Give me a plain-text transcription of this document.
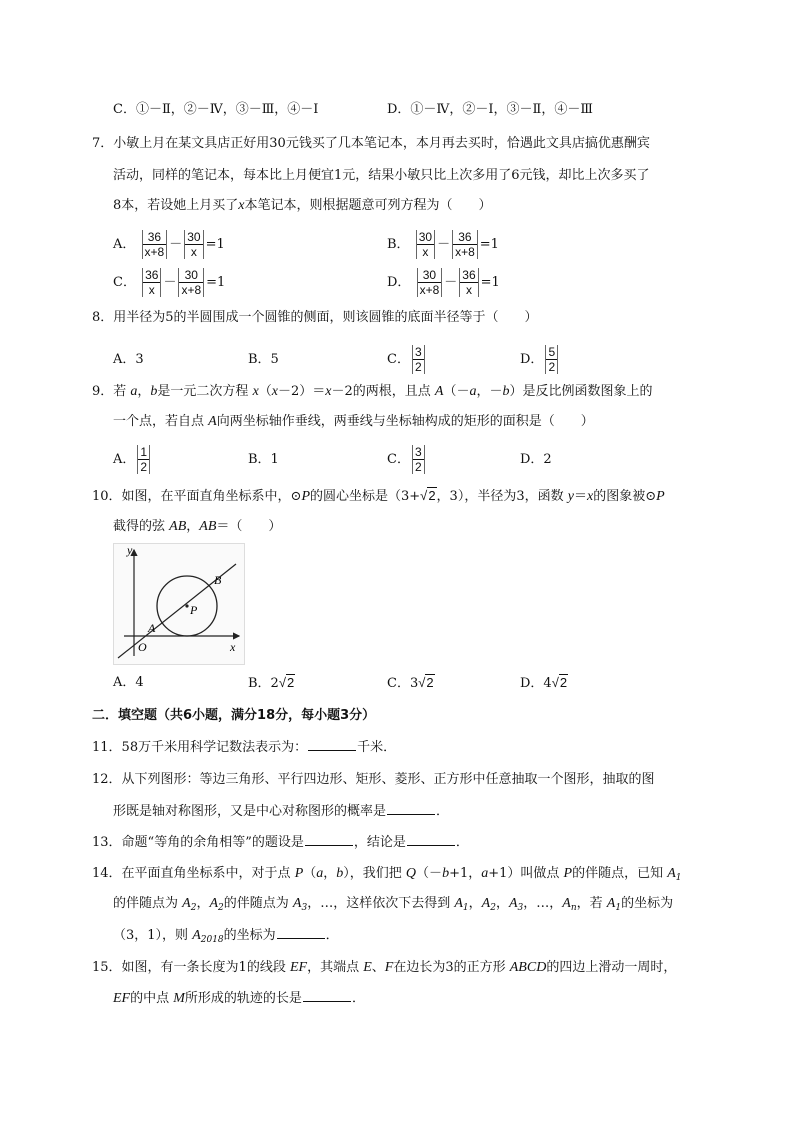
C．①－Ⅱ，②－Ⅳ，③－Ⅲ，④－Ⅰ	D．①－Ⅳ，②－Ⅰ，③－Ⅱ，④－Ⅲ
7．小敏上月在某文具店正好用30元钱买了几本笔记本，本月再去买时，恰遇此文具店搞优惠酬宾
活动，同样的笔记本，每本比上月便宜1元，结果小敏只比上次多用了6元钱，却比上次多买了
8本，若设她上月买了x本笔记本，则根据题意可列方程为（　　）
A． $\frac{36}{x+8} - \frac{30}{x} =1$	B． $\frac{30}{x} - \frac{36}{x+8} =1$
C． $\frac{36}{x} - \frac{30}{x+8} =1$	D． $\frac{30}{x+8} - \frac{36}{x} =1$
8．用半径为5的半圆围成一个圆锥的侧面，则该圆锥的底面半径等于（　　）
A．3	B．5	C． $\frac{3}{2}$	D． $\frac{5}{2}$
9．若 a，b是一元二次方程 x（x－2）＝x－2的两根，且点 A（－a，－b）是反比例函数图象上的
一个点，若自点 A向两坐标轴作垂线，两垂线与坐标轴构成的矩形的面积是（　　）
A． $\frac{1}{2}$	B．1	C． $\frac{3}{2}$	D．2
10．如图，在平面直角坐标系中，⊙P的圆心坐标是（3+√2，3），半径为3，函数 y＝x的图象被⊙P
截得的弦 AB，AB＝（　　）
y
x
O
A
B
P
A．4	B．2√2	C．3√2	D．4√2
二．填空题（共6小题，满分18分，每小题3分）
11．58万千米用科学记数法表示为：	千米．
12．从下列图形：等边三角形、平行四边形、矩形、菱形、正方形中任意抽取一个图形，抽取的图
形既是轴对称图形，又是中心对称图形的概率是	．
13．命题“等角的余角相等”的题设是	，结论是	．
14．在平面直角坐标系中，对于点 P（a，b），我们把 Q（－b+1，a+1）叫做点 P的伴随点，已知 $A_1$
的伴随点为 $A_2$，$A_2$的伴随点为 $A_3$，…，这样依次下去得到 $A_1$，$A_2$，$A_3$，…，$A_n$，若 $A_1$的坐标为
（3，1），则 $A_{2018}$的坐标为	．
15．如图，有一条长度为1的线段 EF，其端点 E、F在边长为3的正方形 ABCD的四边上滑动一周时，
EF的中点 M所形成的轨迹的长是	．
